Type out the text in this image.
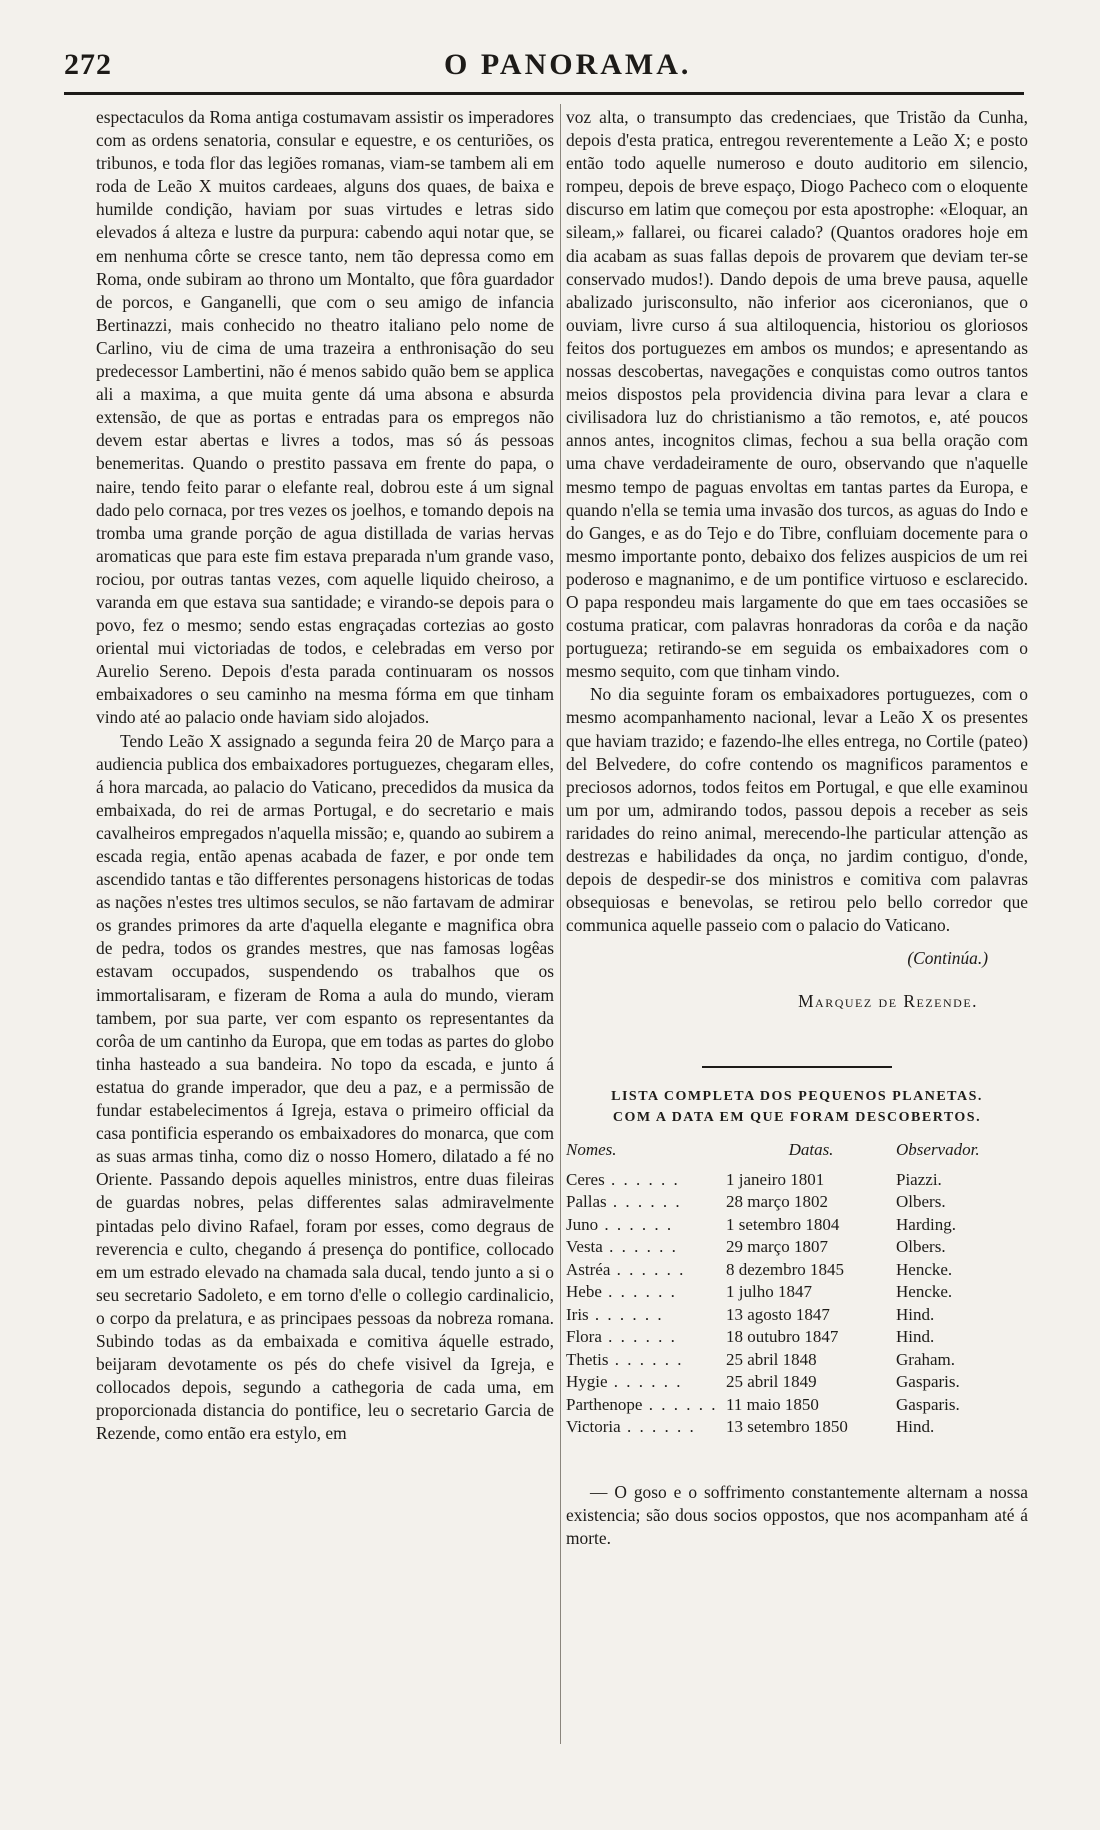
272	O PANORAMA.

espectaculos da Roma antiga costumavam assistir os imperadores com as ordens senatoria, consular e equestre, e os centuriões, os tribunos, e toda flor das legiões romanas, viam-se tambem ali em roda de Leão X muitos cardeaes, alguns dos quaes, de baixa e humilde condição, haviam por suas virtudes e letras sido elevados á alteza e lustre da purpura: cabendo aqui notar que, se em nenhuma côrte se cresce tanto, nem tão depressa como em Roma, onde subiram ao throno um Montalto, que fôra guardador de porcos, e Ganganelli, que com o seu amigo de infancia Bertinazzi, mais conhecido no theatro italiano pelo nome de Carlino, viu de cima de uma trazeira a enthronisação do seu predecessor Lambertini, não é menos sabido quão bem se applica ali a maxima, a que muita gente dá uma absona e absurda extensão, de que as portas e entradas para os empregos não devem estar abertas e livres a todos, mas só ás pessoas benemeritas. Quando o prestito passava em frente do papa, o naire, tendo feito parar o elefante real, dobrou este á um signal dado pelo cornaca, por tres vezes os joelhos, e tomando depois na tromba uma grande porção de agua distillada de varias hervas aromaticas que para este fim estava preparada n'um grande vaso, rociou, por outras tantas vezes, com aquelle liquido cheiroso, a varanda em que estava sua santidade; e virando-se depois para o povo, fez o mesmo; sendo estas engraçadas cortezias ao gosto oriental mui victoriadas de todos, e celebradas em verso por Aurelio Sereno. Depois d'esta parada continuaram os nossos embaixadores o seu caminho na mesma fórma em que tinham vindo até ao palacio onde haviam sido alojados.

Tendo Leão X assignado a segunda feira 20 de Março para a audiencia publica dos embaixadores portuguezes, chegaram elles, á hora marcada, ao palacio do Vaticano, precedidos da musica da embaixada, do rei de armas Portugal, e do secretario e mais cavalheiros empregados n'aquella missão; e, quando ao subirem a escada regia, então apenas acabada de fazer, e por onde tem ascendido tantas e tão differentes personagens historicas de todas as nações n'estes tres ultimos seculos, se não fartavam de admirar os grandes primores da arte d'aquella elegante e magnifica obra de pedra, todos os grandes mestres, que nas famosas logêas estavam occupados, suspendendo os trabalhos que os immortalisaram, e fizeram de Roma a aula do mundo, vieram tambem, por sua parte, ver com espanto os representantes da corôa de um cantinho da Europa, que em todas as partes do globo tinha hasteado a sua bandeira. No topo da escada, e junto á estatua do grande imperador, que deu a paz, e a permissão de fundar estabelecimentos á Igreja, estava o primeiro official da casa pontificia esperando os embaixadores do monarca, que com as suas armas tinha, como diz o nosso Homero, dilatado a fé no Oriente. Passando depois aquelles ministros, entre duas fileiras de guardas nobres, pelas differentes salas admiravelmente pintadas pelo divino Rafael, foram por esses, como degraus de reverencia e culto, chegando á presença do pontifice, collocado em um estrado elevado na chamada sala ducal, tendo junto a si o seu secretario Sadoleto, e em torno d'elle o collegio cardinalicio, o corpo da prelatura, e as principaes pessoas da nobreza romana. Subindo todas as da embaixada e comitiva áquelle estrado, beijaram devotamente os pés do chefe visivel da Igreja, e collocados depois, segundo a cathegoria de cada uma, em proporcionada distancia do pontifice, leu o secretario Garcia de Rezende, como então era estylo, em

voz alta, o transumpto das credenciaes, que Tristão da Cunha, depois d'esta pratica, entregou reverentemente a Leão X; e posto então todo aquelle numeroso e douto auditorio em silencio, rompeu, depois de breve espaço, Diogo Pacheco com o eloquente discurso em latim que começou por esta apostrophe: «Eloquar, an sileam,» fallarei, ou ficarei calado? (Quantos oradores hoje em dia acabam as suas fallas depois de provarem que deviam ter-se conservado mudos!). Dando depois de uma breve pausa, aquelle abalizado jurisconsulto, não inferior aos ciceronianos, que o ouviam, livre curso á sua altiloquencia, historiou os gloriosos feitos dos portuguezes em ambos os mundos; e apresentando as nossas descobertas, navegações e conquistas como outros tantos meios dispostos pela providencia divina para levar a clara e civilisadora luz do christianismo a tão remotos, e, até poucos annos antes, incognitos climas, fechou a sua bella oração com uma chave verdadeiramente de ouro, observando que n'aquelle mesmo tempo de paguas envoltas em tantas partes da Europa, e quando n'ella se temia uma invasão dos turcos, as aguas do Indo e do Ganges, e as do Tejo e do Tibre, confluiam docemente para o mesmo importante ponto, debaixo dos felizes auspicios de um rei poderoso e magnanimo, e de um pontifice virtuoso e esclarecido. O papa respondeu mais largamente do que em taes occasiões se costuma praticar, com palavras honradoras da corôa e da nação portugueza; retirando-se em seguida os embaixadores com o mesmo sequito, com que tinham vindo.

No dia seguinte foram os embaixadores portuguezes, com o mesmo acompanhamento nacional, levar a Leão X os presentes que haviam trazido; e fazendo-lhe elles entrega, no Cortile (pateo) del Belvedere, do cofre contendo os magnificos paramentos e preciosos adornos, todos feitos em Portugal, e que elle examinou um por um, admirando todos, passou depois a receber as seis raridades do reino animal, merecendo-lhe particular attenção as destrezas e habilidades da onça, no jardim contiguo, d'onde, depois de despedir-se dos ministros e comitiva com palavras obsequiosas e benevolas, se retirou pelo bello corredor que communica aquelle passeio com o palacio do Vaticano.

(Continúa.)

Marquez de Rezende.

LISTA COMPLETA DOS PEQUENOS PLANETAS.
COM A DATA EM QUE FORAM DESCOBERTOS.
Nomes.	Datas.	Observador.
Ceres . . . . . .	1 janeiro 1801	Piazzi.
Pallas . . . . . .	28 março 1802	Olbers.
Juno . . . . . .	1 setembro 1804	Harding.
Vesta . . . . . .	29 março 1807	Olbers.
Astréa . . . . . .	8 dezembro 1845	Hencke.
Hebe . . . . . .	1 julho 1847	Hencke.
Iris . . . . . .	13 agosto 1847	Hind.
Flora . . . . . .	18 outubro 1847	Hind.
Thetis . . . . . .	25 abril 1848	Graham.
Hygie . . . . . .	25 abril 1849	Gasparis.
Parthenope . . . . . .	11 maio 1850	Gasparis.
Victoria . . . . . .	13 setembro 1850	Hind.

— O goso e o soffrimento constantemente alternam a nossa existencia; são dous socios oppostos, que nos acompanham até á morte.
